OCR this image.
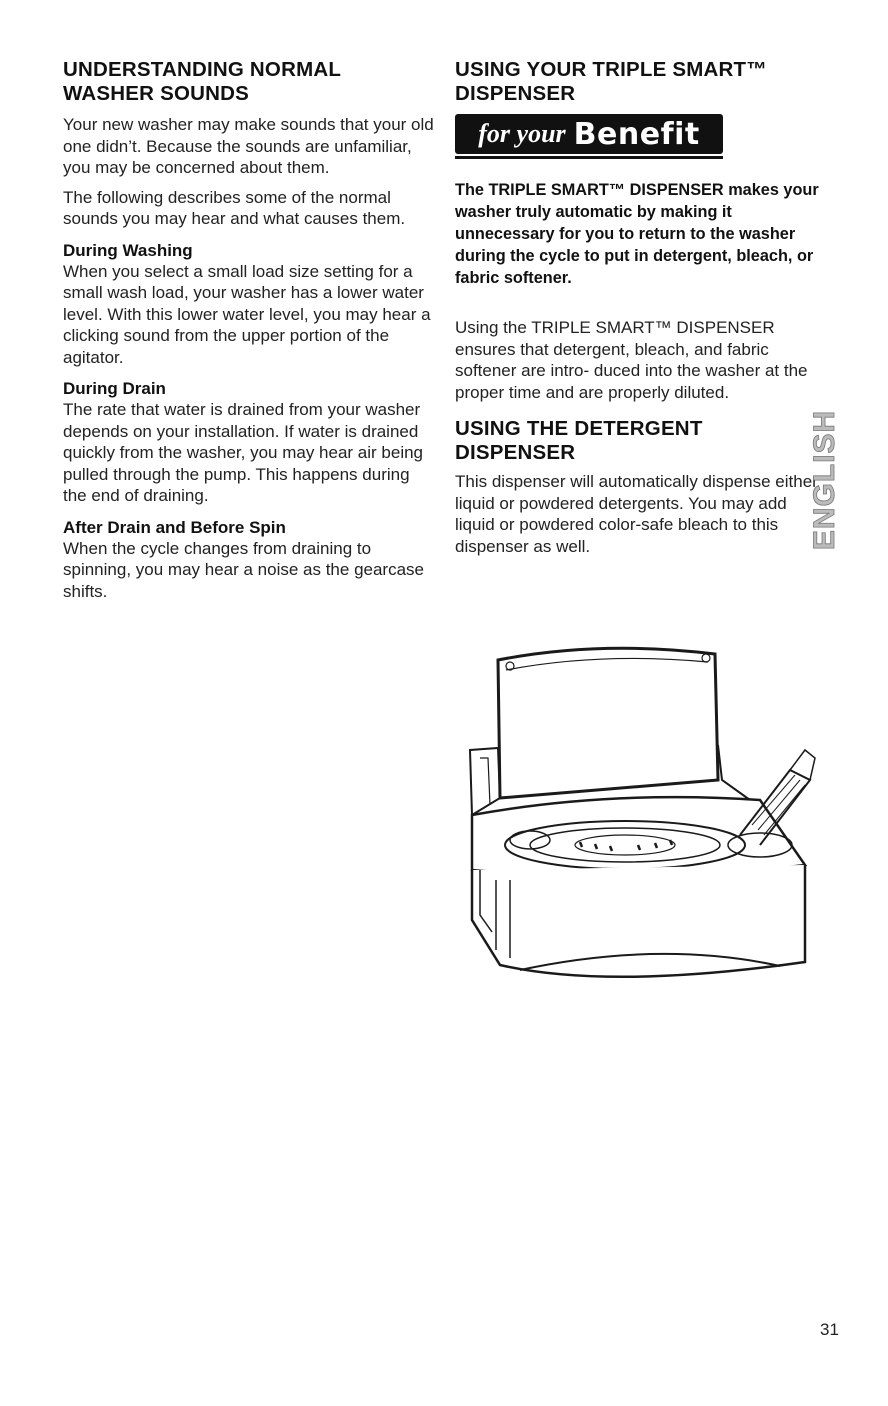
UNDERSTANDING NORMAL WASHER SOUNDS

Your new washer may make sounds that your old one didn’t. Because the sounds are unfamiliar, you may be concerned about them.

The following describes some of the normal sounds you may hear and what causes them.

During Washing

When you select a small load size setting for a small wash load, your washer has a lower water level. With this lower water level, you may hear a clicking sound from the upper portion of the agitator.

During Drain

The rate that water is drained from your washer depends on your installation. If water is drained quickly from the washer, you may hear air being pulled through the pump. This happens during the end of draining.

After Drain and Before Spin

When the cycle changes from draining to spinning, you may hear a noise as the gearcase shifts.

USING YOUR TRIPLE SMART™ DISPENSER
for your Benefit

The TRIPLE SMART™ DISPENSER makes your washer truly automatic by making it unnecessary for you to return to the washer during the cycle to put in detergent, bleach, or fabric softener.

Using the TRIPLE SMART™ DISPENSER ensures that detergent, bleach, and fabric softener are intro- duced into the washer at the proper time and are properly diluted.

USING THE DETERGENT DISPENSER

This dispenser will automatically dispense either liquid or powdered detergents. You may add liquid or powdered color-safe bleach to this dispenser as well.	ENGLISH
31
